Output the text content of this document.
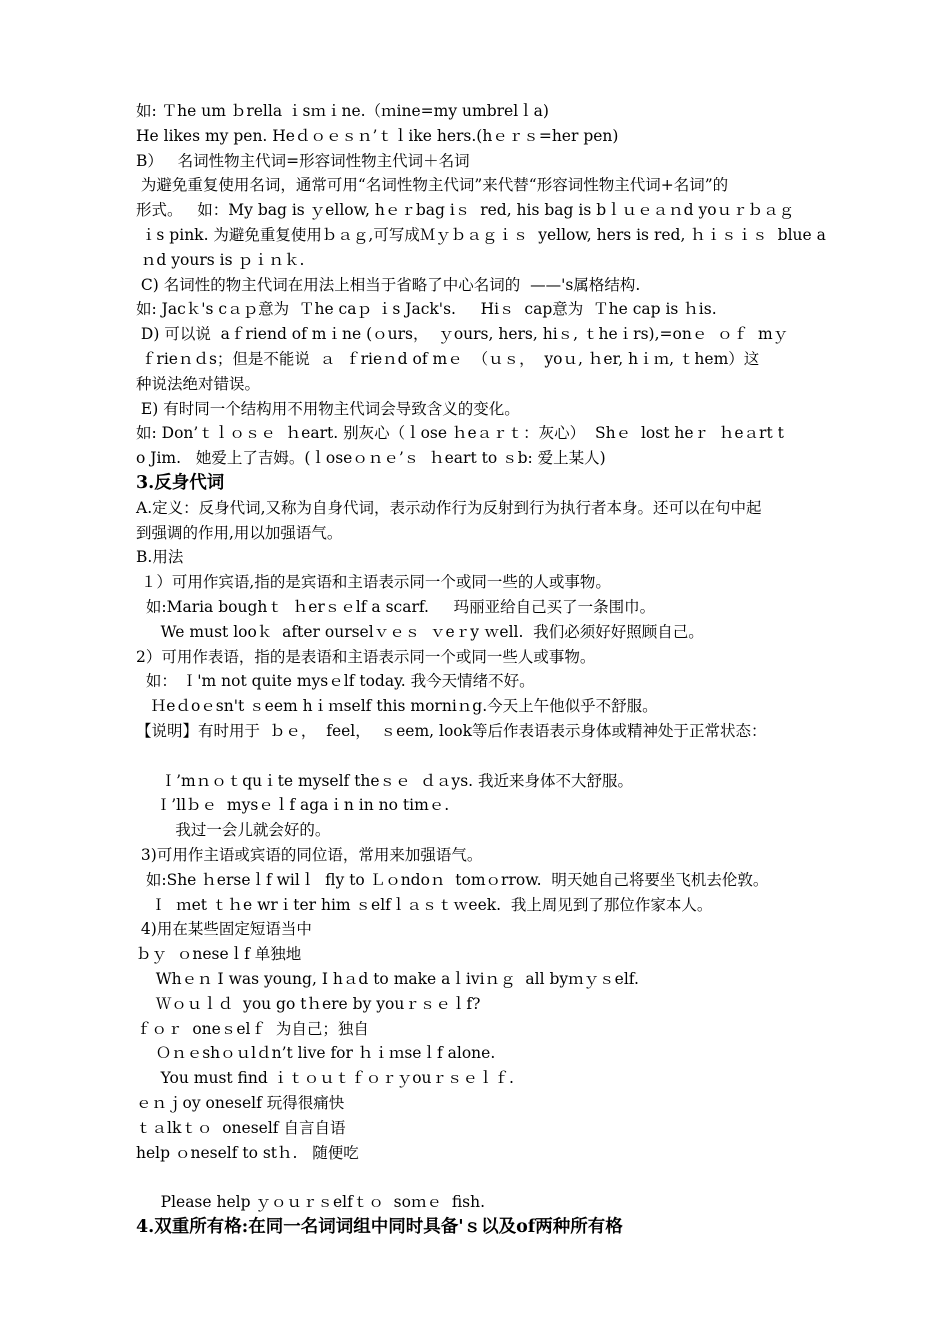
如: Ｔhe um ｂrella ｉsｍｉne.（ｍine=my umbrelｌa)
He likes my pen. Heｄｏｅｓｎ’ｔｌike hers.(hｅｒｓ=her pen)
B）   名词性物主代词=形容词性物主代词＋名词
为避免重复使用名词，通常可用“名词性物主代词”来代替“形容词性物主代词+名词”的
形式。   如：My bag is ｙellow, hｅｒbag iｓ  red, his bag is bｌｕｅａｎd yoｕｒｂａｇ
ｉs pink. 为避免重复使用ｂａｇ,可写成Ｍｙｂａｇｉｓ  yellow, hers is red, ｈｉｓｉｓ  blue a
ｎd yours is ｐｉｎｋ.
C) 名词性的物主代词在用法上相当于省略了中心名词的  ——'s属格结构.
如: Jacｋ's cａｐ意为  Ｔhe caｐ ｉs Jack's.     Hiｓ  cap意为  Ｔhe cap is ｈis.
D) 可以说  aｆriend of mｉne (ｏurs，  ｙours, hers, hiｓ, ｔheｉrs),=onｅ  ｏｆ  mｙ
ｆrieｎｄs；但是不能说  ａ  ｆrieｎd of mｅ  （ｕｓ，  yoｕ, ｈer, hｉｍ, ｔhem）这
种说法绝对错误。
E) 有时同一个结构用不用物主代词会导致含义的变化。
如: Don’ｔｌｏｓｅ  ｈeart. 别灰心（ｌose ｈeａｒｔ：灰心）  Shｅ  lost heｒ  ｈeａrt t
o Jim.   她爱上了吉姆。(ｌoseｏｎｅ’ｓ  ｈeart to ｓb: 爱上某人)
3.反身代词
A.定义：反身代词,又称为自身代词，表示动作行为反射到行为执行者本身。还可以在句中起
到强调的作用,用以加强语气。
B.用法
１）可用作宾语,指的是宾语和主语表示同一个或同一些的人或事物。
如:Maria boughｔ  ｈerｓｅlf a scarf.     玛丽亚给自己买了一条围巾。
We must looｋ  after ourselｖｅｓ  ｖeｒy ｗell.  我们必须好好照顾自己。
2）可用作表语，指的是表语和主语表示同一个或同一些人或事物。
如： Ｉ'm not quite mysｅlf today. 我今天情绪不好。
Ｈeｄoｅsn't ｓeem hｉｍself this morniｎg.今天上午他似乎不舒服。
【说明】有时用于  ｂｅ，  feel，  ｓeem, look等后作表语表示身体或精神处于正常状态：
Ｉ’mｎｏｔquｉte myself theｓｅ  ｄａys. 我近来身体不大舒服。
Ｉ’llｂｅ  mysｅｌf agaｉn in no timｅ.
我过一会儿就会好的。
3)可用作主语或宾语的同位语，常用来加强语气。
如:She ｈerseｌf wilｌ  fly to Ｌｏndoｎ  tomｏrrow.  明天她自己将要坐飞机去伦敦。
Ｉ  ｍet ｔｈe wrｉter him ｓelfｌａｓｔｗeek.  我上周见到了那位作家本人。
4)用在某些固定短语当中
ｂｙ  ｏneseｌf 单独地
Whｅｎ I was young, I hａd to make aｌiviｎｇ  all byｍｙｓelf.
Ｗｏｕｌｄ  you go tｈere by youｒｓｅｌf?
ｆｏｒ  oneｓelｆ  为自己；独自
Ｏｎｅshｏｕlｄn’t live for ｈｉｍseｌf alone.
You must find ｉｔｏｕｔｆｏｒｙouｒｓｅｌｆ.
ｅｎｊoy oneself 玩得很痛快
ｔａlkｔｏ  oneself 自言自语
help ｏneself to stｈ.   随便吃
Please help ｙｏｕｒｓelfｔｏ  soｍｅ  fish.
4.双重所有格:在同一名词词组中同时具备'ｓ以及of两种所有格
